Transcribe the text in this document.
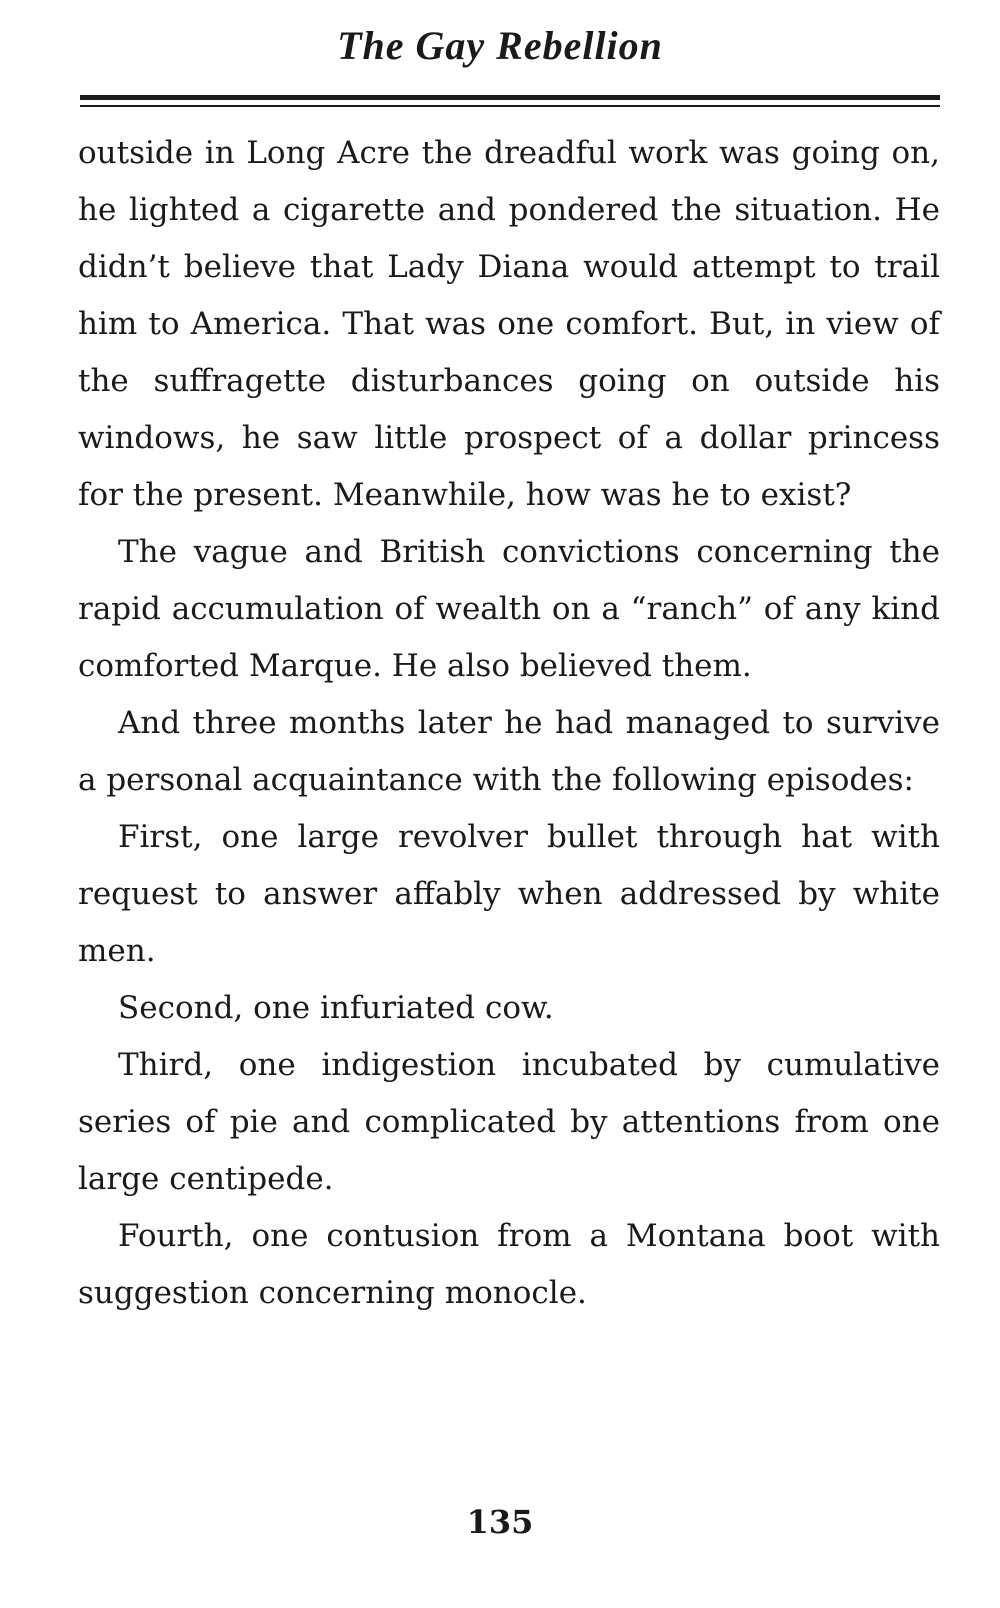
The Gay Rebellion

outside in Long Acre the dreadful work was going on, he lighted a cigarette and pondered the situation. He didn’t believe that Lady Diana would attempt to trail him to America. That was one comfort. But, in view of the suffragette disturbances going on outside his windows, he saw little prospect of a dollar princess for the present. Meanwhile, how was he to exist?

The vague and British convictions concerning the rapid accumulation of wealth on a “ranch” of any kind comforted Marque. He also believed them.

And three months later he had managed to survive a personal acquaintance with the following episodes:

First, one large revolver bullet through hat with request to answer affably when addressed by white men.

Second, one infuriated cow.

Third, one indigestion incubated by cumulative series of pie and complicated by attentions from one large centipede.

Fourth, one contusion from a Montana boot with suggestion concerning monocle.

135
